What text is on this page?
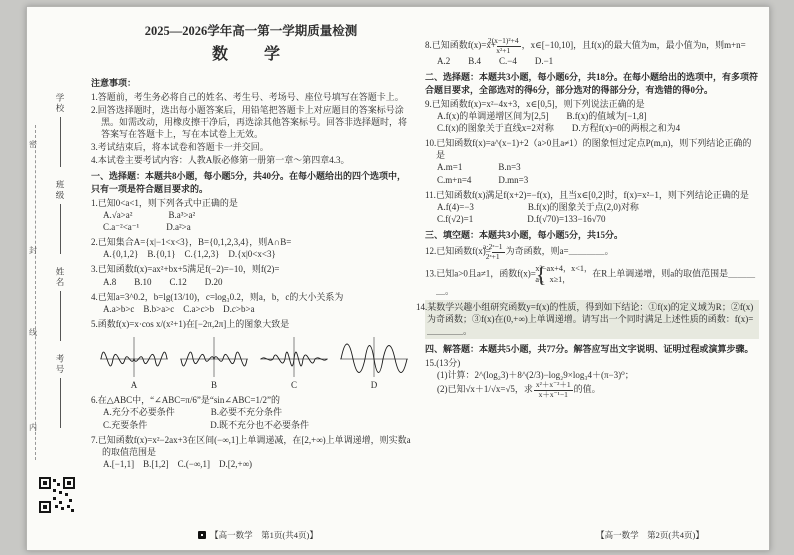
密
封
线
内
学校
班级
姓名
考号
2025—2026学年高一第一学期质量检测
数　学
注意事项：
1.答题前，考生务必将自己的姓名、考生号、考场号、座位号填写在答题卡上。
2.回答选择题时，选出每小题答案后，用铅笔把答题卡上对应题目的答案标号涂黑。如需改动，用橡皮擦干净后，再选涂其他答案标号。回答非选择题时，将答案写在答题卡上，写在本试卷上无效。
3.考试结束后，将本试卷和答题卡一并交回。
4.本试卷主要考试内容：人教A版必修第一册第一章～第四章4.3。
一、选择题：本题共8小题，每小题5分，共40分。在每小题给出的四个选项中，只有一项是符合题目要求的。
1.已知0<a<1，则下列各式中正确的是
A.√a>a²　　　　B.a³>a²
C.a⁻²<a⁻¹　　　D.a²>a
2.已知集合A={x|−1<x<3}，B={0,1,2,3,4}，则A∩B=
A.{0,1,2}　B.{0,1}　C.{1,2,3}　D.{x|0<x<3}
3.已知函数f(x)=ax²+bx+5满足f(−2)=−10，则f(2)=
A.8　　B.10　　C.12　　D.20
4.已知a=3^0.2，b=lg(13/10)，c=log₃0.2，则a，b，c的大小关系为
A.a>b>c　B.b>a>c　C.a>c>b　D.c>b>a
5.函数f(x)=x·cos x/(x²+1)在[−2π,2π]上的图象大致是
A	B	C	D
6.在△ABC中，“∠ABC=π/6”是“sin∠ABC=1/2”的
A.充分不必要条件　　　　B.必要不充分条件
C.充要条件　　　　　　　D.既不充分也不必要条件
7.已知函数f(x)=x²−2ax+3在区间(−∞,1]上单调递减，在[2,+∞)上单调递增，则实数a的取值范围是
A.[−1,1]　B.[1,2]　C.(−∞,1]　D.[2,+∞)
8.已知函数$f(x)=x+ \frac{\text{2(x−1)²+4}}{\text{x²+1}}$ ，x∈[−10,10]，且f(x)的最大值为m，最小值为n，则m+n=
A.2　　B.4　　C.−4　　D.−1
二、选择题：本题共3小题，每小题6分，共18分。在每小题给出的选项中，有多项符合题目要求，全部选对的得6分，部分选对的得部分分，有选错的得0分。
9.已知函数f(x)=x²−4x+3，x∈[0,5]，则下列说法正确的是
A.f(x)的单调递增区间为[2,5]　　B.f(x)的值域为[−1,8]
C.f(x)的图象关于直线x=2对称　　D.方程f(x)=0的两根之和为4
10.已知函数f(x)=a^(x−1)+2（a>0且a≠1）的图象恒过定点P(m,n)，则下列结论正确的是
A.m=1　　　　B.n=3
C.m+n=4　　　D.mn=3
11.已知函数f(x)满足f(x+2)=−f(x)，且当x∈[0,2]时，f(x)=x²−1，则下列结论正确的是
A.f(4)=−3　　　　　　B.f(x)的图象关于点(2,0)对称
C.f(√2)=1　　　　　　D.f(√70)=133−16√70
三、填空题：本题共3小题，每小题5分，共15分。
12.已知函数$f(x)= \frac{\text{a·2ˣ−1}}{\text{2ˣ+1}}$ 为奇函数，则a=＿＿＿＿。
13.已知a>0且a≠1，函数f(x)= { x²−ax+4，x<1，
aˣ，x≥1，
在R上单调递增，则a的取值范围是＿＿＿＿。
14.某数学兴趣小组研究函数y=f(x)的性质，得到如下结论：①f(x)的定义域为R；②f(x)为奇函数；③f(x)在(0,+∞)上单调递增。请写出一个同时满足上述性质的函数：f(x)=＿＿＿＿。
四、解答题：本题共5小题，共77分。解答应写出文字说明、证明过程或演算步骤。
15.(13分)
(1)计算：2^(log₂3)＋8^(2/3)−log₂9×log₃4＋(π−3)⁰；
(2)已知√x＋1/√x=√5，求 $\frac{\text{x²＋x⁻²＋1}}{\text{x＋x⁻¹−1}}$ 的值。
【高一数学　第1页(共4页)】	【高一数学　第2页(共4页)】
